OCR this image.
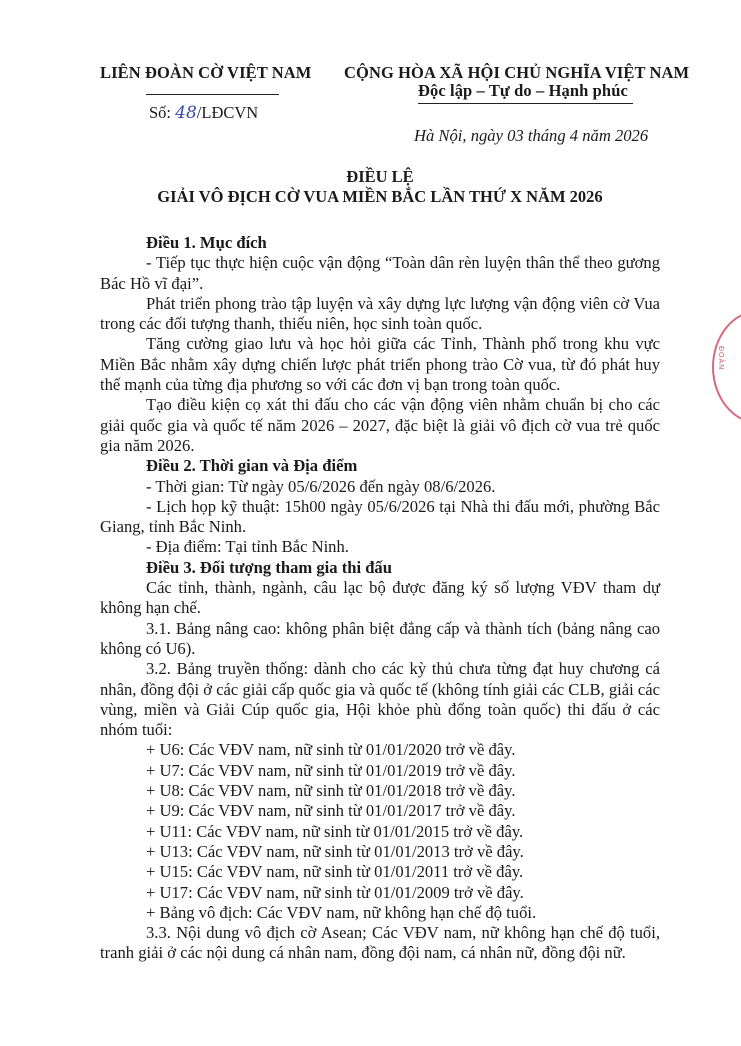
LIÊN ĐOÀN CỜ VIỆT NAM CỘNG HÒA XÃ HỘI CHỦ NGHĨA VIỆT NAM
Độc lập – Tự do – Hạnh phúc
Số: 48/LĐCVN
Hà Nội, ngày 03 tháng 4 năm 2026
ĐIỀU LỆ
GIẢI VÔ ĐỊCH CỜ VUA MIỀN BẮC LẦN THỨ X NĂM 2026
ĐOÀN

Điều 1. Mục đích

- Tiếp tục thực hiện cuộc vận động “Toàn dân rèn luyện thân thể theo gương Bác Hồ vĩ đại”.

Phát triển phong trào tập luyện và xây dựng lực lượng vận động viên cờ Vua trong các đối tượng thanh, thiếu niên, học sinh toàn quốc.

Tăng cường giao lưu và học hỏi giữa các Tỉnh, Thành phố trong khu vực Miền Bắc nhằm xây dựng chiến lược phát triển phong trào Cờ vua, từ đó phát huy thế mạnh của từng địa phương so với các đơn vị bạn trong toàn quốc.

Tạo điều kiện cọ xát thi đấu cho các vận động viên nhằm chuẩn bị cho các giải quốc gia và quốc tế năm 2026 – 2027, đặc biệt là giải vô địch cờ vua trẻ quốc gia năm 2026.

Điều 2. Thời gian và Địa điểm

- Thời gian: Từ ngày 05/6/2026 đến ngày 08/6/2026.

- Lịch họp kỹ thuật: 15h00 ngày 05/6/2026 tại Nhà thi đấu mới, phường Bắc Giang, tỉnh Bắc Ninh.

- Địa điểm: Tại tỉnh Bắc Ninh.

Điều 3. Đối tượng tham gia thi đấu

Các tỉnh, thành, ngành, câu lạc bộ được đăng ký số lượng VĐV tham dự không hạn chế.

3.1. Bảng nâng cao: không phân biệt đẳng cấp và thành tích (bảng nâng cao không có U6).

3.2. Bảng truyền thống: dành cho các kỳ thủ chưa từng đạt huy chương cá nhân, đồng đội ở các giải cấp quốc gia và quốc tế (không tính giải các CLB, giải các vùng, miền và Giải Cúp quốc gia, Hội khỏe phù đổng toàn quốc) thi đấu ở các nhóm tuổi:

+ U6: Các VĐV nam, nữ sinh từ 01/01/2020 trở về đây.

+ U7: Các VĐV nam, nữ sinh từ 01/01/2019 trở về đây.

+ U8: Các VĐV nam, nữ sinh từ 01/01/2018 trở về đây.

+ U9: Các VĐV nam, nữ sinh từ 01/01/2017 trở về đây.

+ U11: Các VĐV nam, nữ sinh từ 01/01/2015 trở về đây.

+ U13: Các VĐV nam, nữ sinh từ 01/01/2013 trở về đây.

+ U15: Các VĐV nam, nữ sinh từ 01/01/2011 trở về đây.

+ U17: Các VĐV nam, nữ sinh từ 01/01/2009 trở về đây.

+ Bảng vô địch: Các VĐV nam, nữ không hạn chế độ tuổi.

3.3. Nội dung vô địch cờ Asean; Các VĐV nam, nữ không hạn chế độ tuổi, tranh giải ở các nội dung cá nhân nam, đồng đội nam, cá nhân nữ, đồng đội nữ.
